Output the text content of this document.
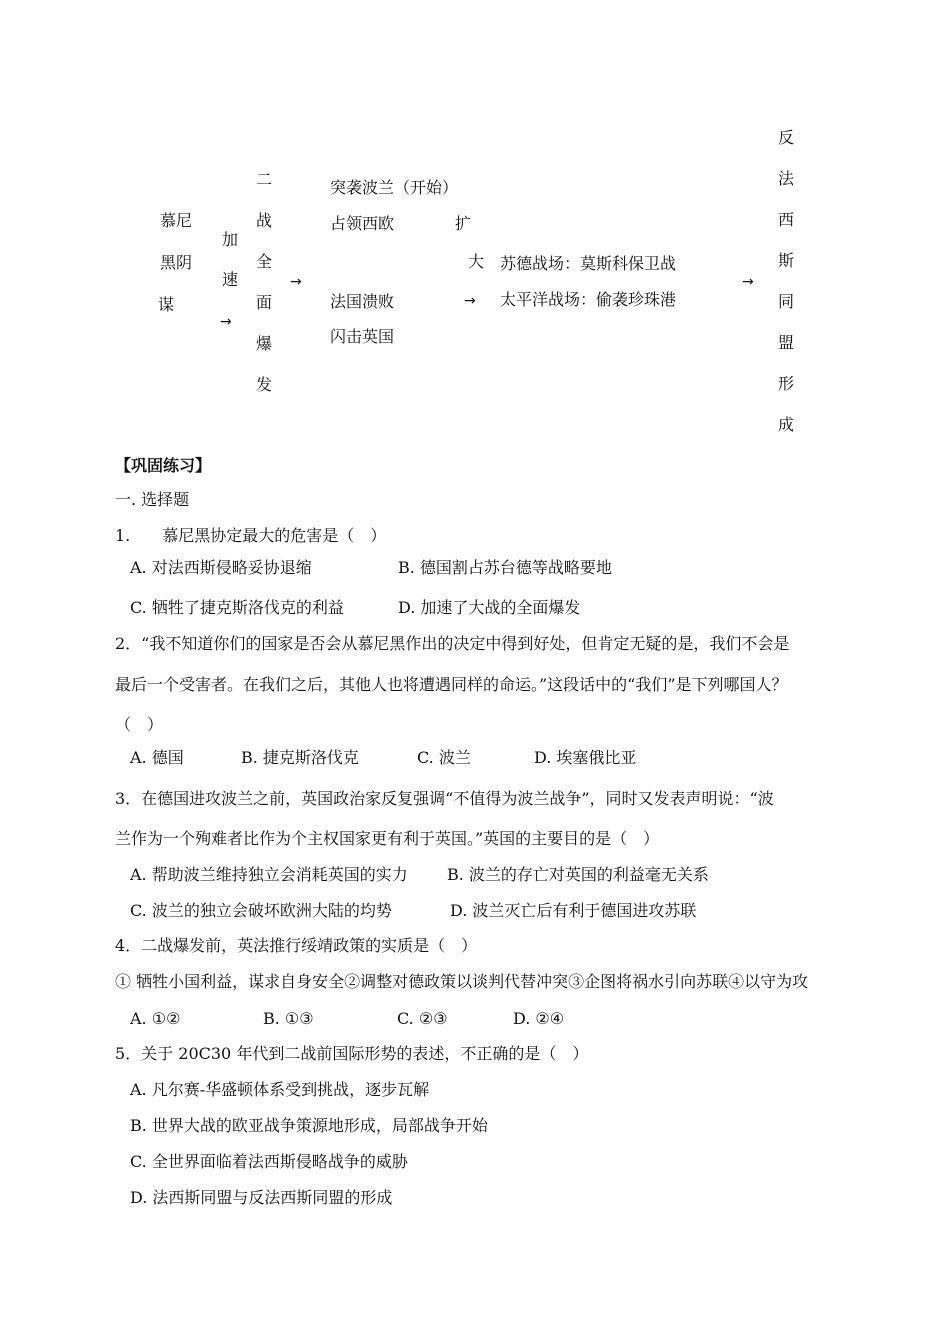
慕尼
黑阴
谋
加
速
→
二
战
全
面
爆
发
→
突袭波兰（开始）
占领西欧
法国溃败
闪击英国
扩
大
→
苏德战场：莫斯科保卫战
太平洋战场：偷袭珍珠港
→
反
法
西
斯
同
盟
形
成
【巩固练习】
一. 选择题
1.　　慕尼黑协定最大的危害是（　）
A. 对法西斯侵略妥协退缩	B. 德国割占苏台德等战略要地
C. 牺牲了捷克斯洛伐克的利益	D. 加速了大战的全面爆发
2．“我不知道你们的国家是否会从慕尼黑作出的决定中得到好处，但肯定无疑的是，我们不会是
最后一个受害者。在我们之后，其他人也将遭遇同样的命运。”这段话中的“我们”是下列哪国人？
（　）
A. 德国	B. 捷克斯洛伐克	C. 波兰	D. 埃塞俄比亚
3．在德国进攻波兰之前，英国政治家反复强调“不值得为波兰战争”，同时又发表声明说：“波
兰作为一个殉难者比作为个主权国家更有利于英国。”英国的主要目的是（　）
A. 帮助波兰维持独立会消耗英国的实力 B. 波兰的存亡对英国的利益毫无关系
C. 波兰的独立会破坏欧洲大陆的均势	D. 波兰灭亡后有利于德国进攻苏联
4．二战爆发前，英法推行绥靖政策的实质是（　）
① 牺牲小国利益，谋求自身安全②调整对德政策以谈判代替冲突③企图将祸水引向苏联④以守为攻
A. ①②	B. ①③	C. ②③	D. ②④
5．关于 20C30 年代到二战前国际形势的表述，不正确的是（　）
A. 凡尔赛-华盛顿体系受到挑战，逐步瓦解
B. 世界大战的欧亚战争策源地形成，局部战争开始
C. 全世界面临着法西斯侵略战争的威胁
D. 法西斯同盟与反法西斯同盟的形成
